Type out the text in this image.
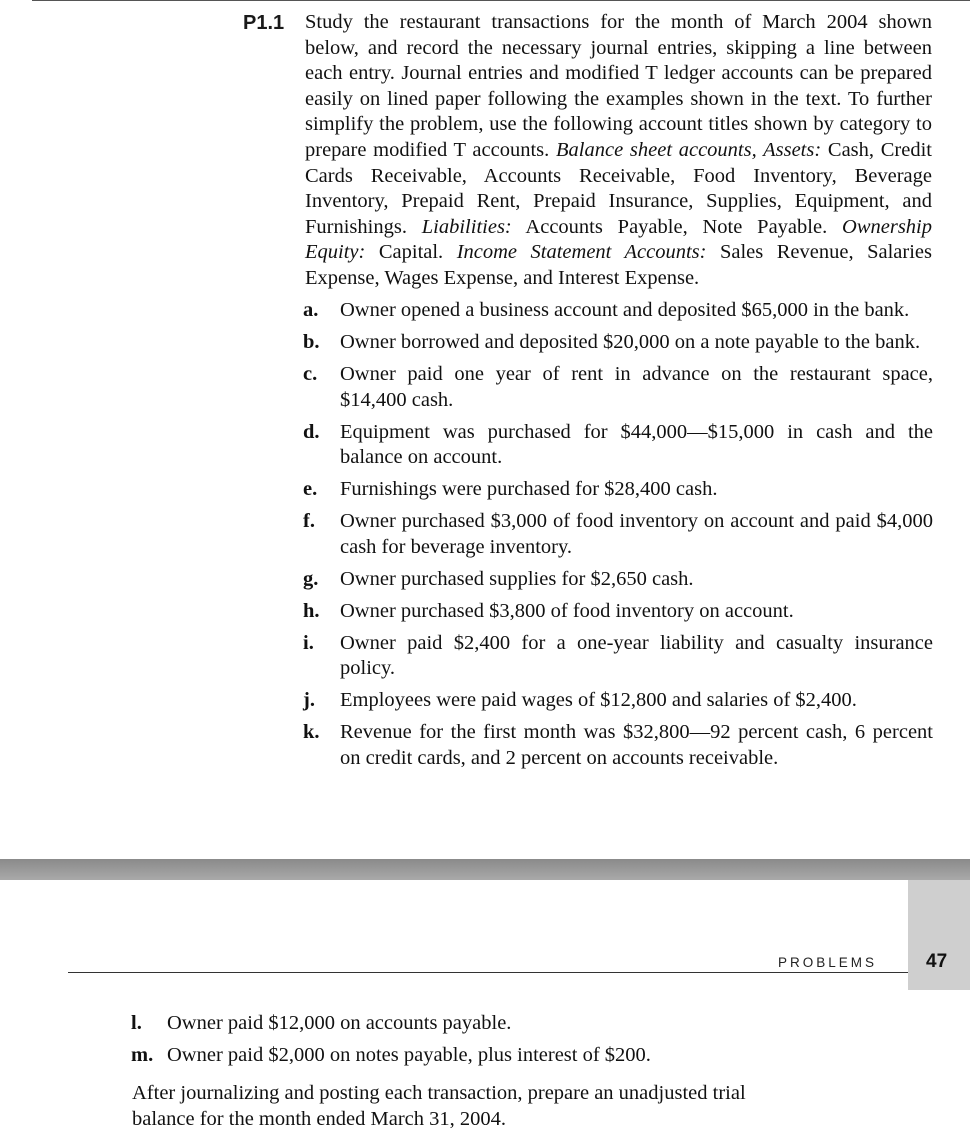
P1.1 Study the restaurant transactions for the month of March 2004 shown below, and record the necessary journal entries, skipping a line between each entry. Journal entries and modified T ledger accounts can be prepared easily on lined paper following the examples shown in the text. To further simplify the problem, use the following account titles shown by category to prepare modified T accounts. Balance sheet accounts, Assets: Cash, Credit Cards Receivable, Accounts Receivable, Food Inventory, Beverage Inventory, Prepaid Rent, Prepaid Insurance, Supplies, Equipment, and Furnishings. Liabilities: Accounts Payable, Note Payable. Ownership Equity: Capital. Income Statement Accounts: Sales Revenue, Salaries Expense, Wages Expense, and Interest Expense.

a.	Owner opened a business account and deposited $65,000 in the bank.
b. Owner borrowed and deposited $20,000 on a note payable to the bank.
c.	Owner paid one year of rent in advance on the restaurant space, $14,400 cash.
d. Equipment was purchased for $44,000—$15,000 in cash and the balance on account.
e.	Furnishings were purchased for $28,400 cash.
f.	Owner purchased $3,000 of food inventory on account and paid $4,000 cash for beverage inventory.
g.	Owner purchased supplies for $2,650 cash.
h. Owner purchased $3,800 of food inventory on account.
i.	Owner paid $2,400 for a one-year liability and casualty insurance policy.
j.	Employees were paid wages of $12,800 and salaries of $2,400.
k. Revenue for the first month was $32,800—92 percent cash, 6 percent on credit cards, and 2 percent on accounts receivable.
PROBLEMS	47
l.	Owner paid $12,000 on accounts payable.
m. Owner paid $2,000 on notes payable, plus interest of $200.

After journalizing and posting each transaction, prepare an unadjusted trial balance for the month ended March 31, 2004.
